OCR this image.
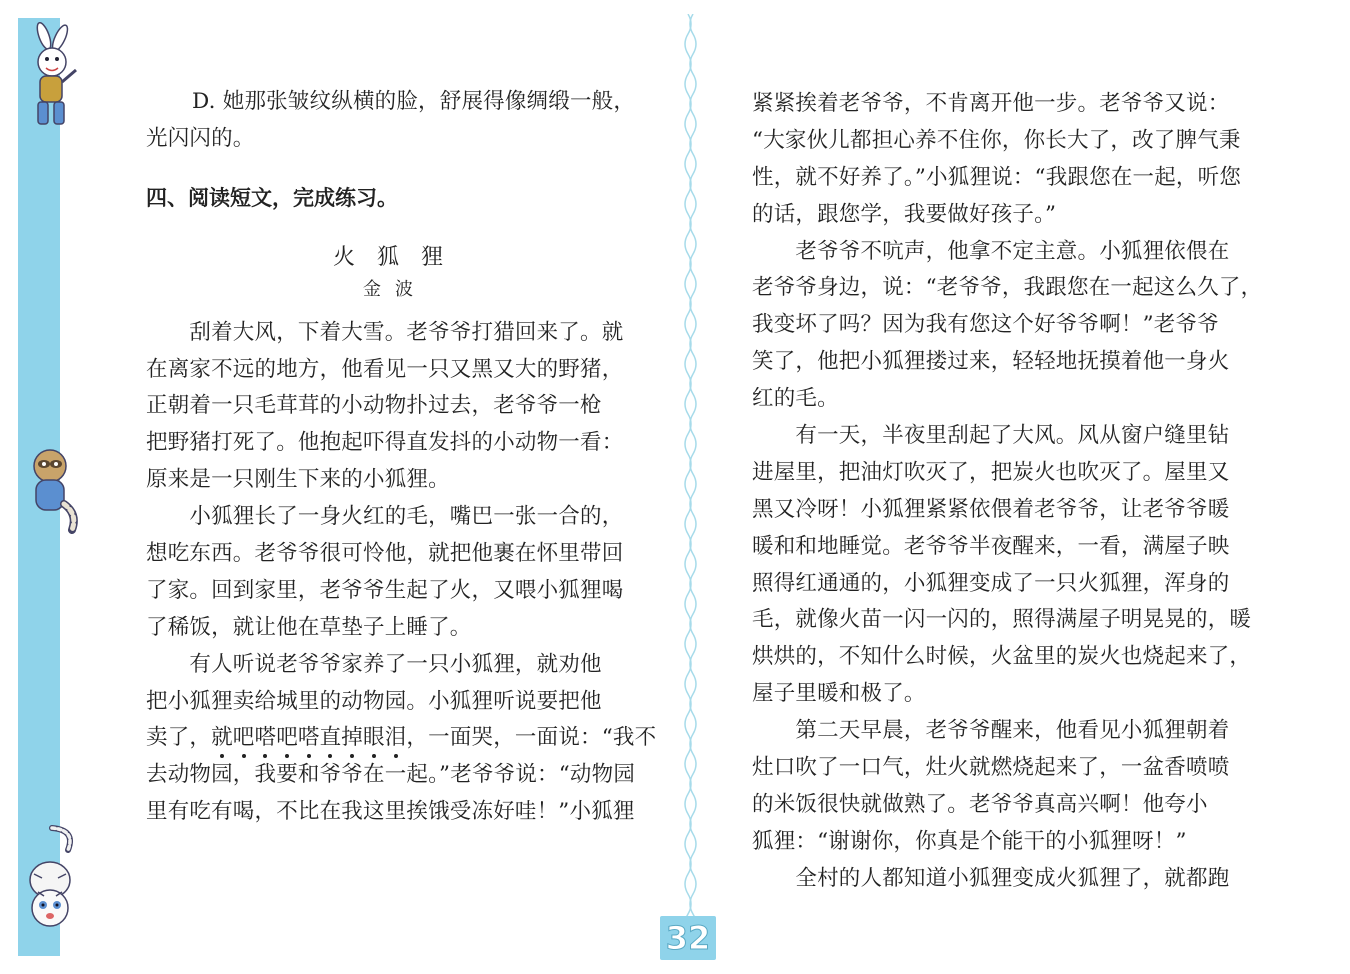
D. 她那张皱纹纵横的脸，舒展得像绸缎一般，
光闪闪的。
四、阅读短文，完成练习。
火狐狸
金波
　　刮着大风，下着大雪。老爷爷打猎回来了。就
在离家不远的地方，他看见一只又黑又大的野猪，
正朝着一只毛茸茸的小动物扑过去，老爷爷一枪
把野猪打死了。他抱起吓得直发抖的小动物一看：
原来是一只刚生下来的小狐狸。
　　小狐狸长了一身火红的毛，嘴巴一张一合的，
想吃东西。老爷爷很可怜他，就把他裹在怀里带回
了家。回到家里，老爷爷生起了火，又喂小狐狸喝
了稀饭，就让他在草垫子上睡了。
　　有人听说老爷爷家养了一只小狐狸，就劝他
把小狐狸卖给城里的动物园。小狐狸听说要把他
卖了，就吧嗒吧嗒直掉眼泪
，一面哭，一面说：“我不
去动物园，我要和爷爷在一起。”老爷爷说：“动物园
里有吃有喝，不比在我这里挨饿受冻好哇！”小狐狸
紧紧挨着老爷爷，不肯离开他一步。老爷爷又说：
“大家伙儿都担心养不住你，你长大了，改了脾气秉
性，就不好养了。”小狐狸说：“我跟您在一起，听您
的话，跟您学，我要做好孩子。”
　　老爷爷不吭声，他拿不定主意。小狐狸依偎在
老爷爷身边，说：“老爷爷，我跟您在一起这么久了，
我变坏了吗？因为我有您这个好爷爷啊！”老爷爷
笑了，他把小狐狸搂过来，轻轻地抚摸着他一身火
红的毛。
　　有一天，半夜里刮起了大风。风从窗户缝里钻
进屋里，把油灯吹灭了，把炭火也吹灭了。屋里又
黑又冷呀！小狐狸紧紧依偎着老爷爷，让老爷爷暖
暖和和地睡觉。老爷爷半夜醒来，一看，满屋子映
照得红通通的，小狐狸变成了一只火狐狸，浑身的
毛，就像火苗一闪一闪的，照得满屋子明晃晃的，暖
烘烘的，不知什么时候，火盆里的炭火也烧起来了，
屋子里暖和极了。
　　第二天早晨，老爷爷醒来，他看见小狐狸朝着
灶口吹了一口气，灶火就燃烧起来了，一盆香喷喷
的米饭很快就做熟了。老爷爷真高兴啊！他夸小
狐狸：“谢谢你，你真是个能干的小狐狸呀！”
　　全村的人都知道小狐狸变成火狐狸了，就都跑
32
